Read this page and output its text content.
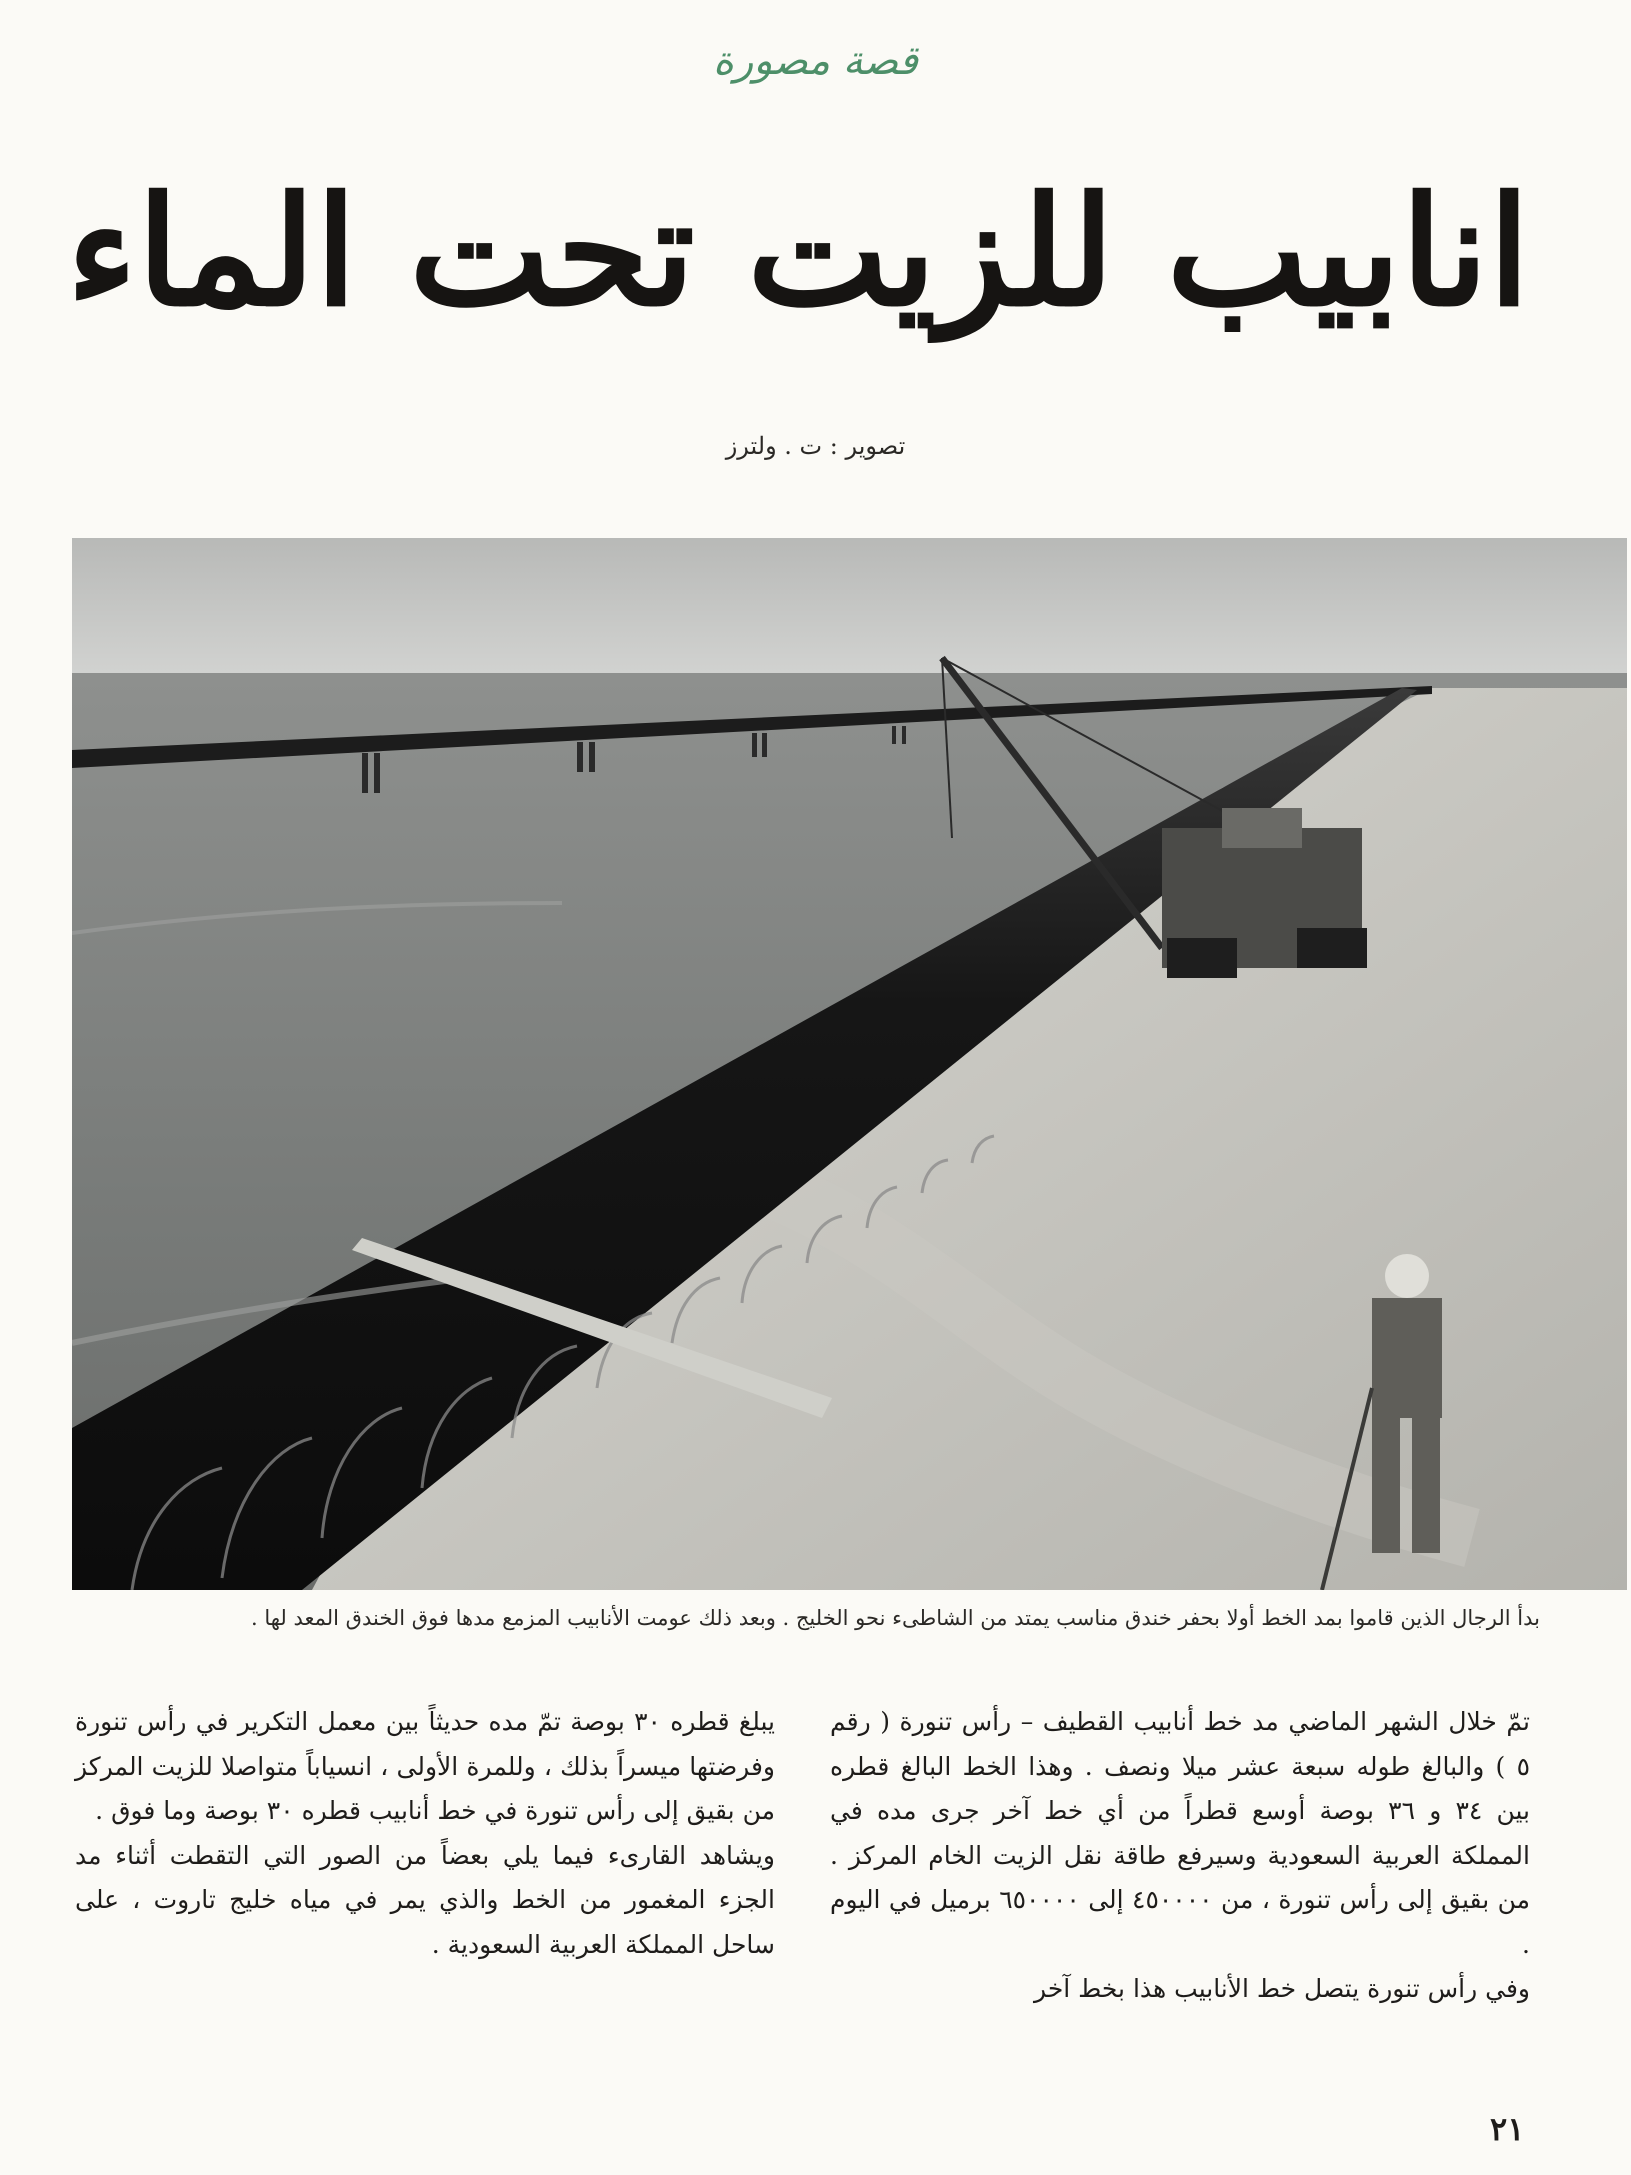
قصة مصورة
انابيب للزيت تحت الماء
تصوير : ت . ولترز
بدأ الرجال الذين قاموا بمد الخط أولا بحفر خندق مناسب يمتد من الشاطىء نحو الخليج . وبعد ذلك عومت الأنابيب المزمع مدها فوق الخندق المعد لها .

تمّ خلال الشهر الماضي مد خط أنابيب القطيف – رأس تنورة ( رقم ٥ ) والبالغ طوله سبعة عشر ميلا ونصف . وهذا الخط البالغ قطره بين ٣٤ و ٣٦ بوصة أوسع قطراً من أي خط آخر جرى مده في المملكة العربية السعودية وسيرفع طاقة نقل الزيت الخام المركز . من بقيق إلى رأس تنورة ، من ٤٥٠٠٠٠ إلى ٦٥٠٠٠٠ برميل في اليوم .

وفي رأس تنورة يتصل خط الأنابيب هذا بخط آخر

يبلغ قطره ٣٠ بوصة تمّ مده حديثاً بين معمل التكرير في رأس تنورة وفرضتها ميسراً بذلك ، وللمرة الأولى ، انسياباً متواصلا للزيت المركز من بقيق إلى رأس تنورة في خط أنابيب قطره ٣٠ بوصة وما فوق .

ويشاهد القارىء فيما يلي بعضاً من الصور التي التقطت أثناء مد الجزء المغمور من الخط والذي يمر في مياه خليج تاروت ، على ساحل المملكة العربية السعودية .

٢١
